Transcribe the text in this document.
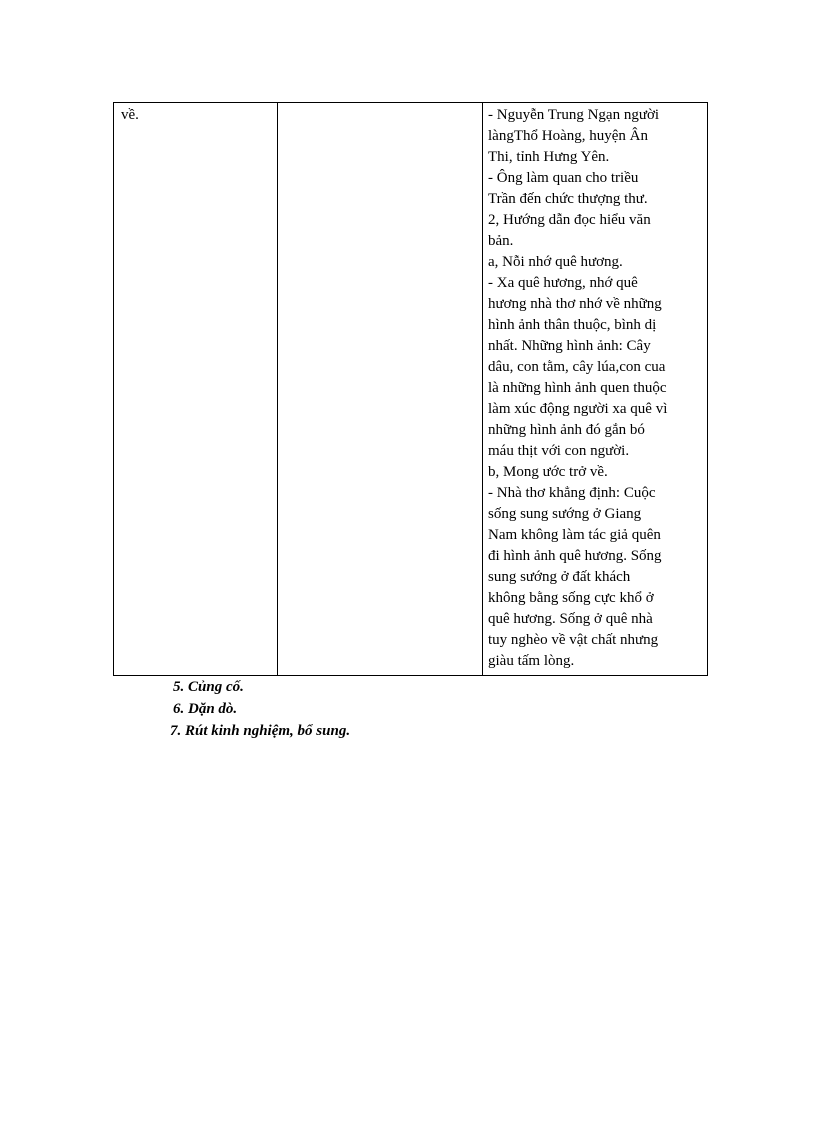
về.		- Nguyễn Trung Ngạn người
làngThổ Hoàng, huyện Ân
Thi, tỉnh Hưng Yên.
- Ông làm quan cho triều
Trần đến chức thượng thư.
2, Hướng dẫn đọc hiểu văn
bản.
a, Nỗi nhớ quê hương.
- Xa quê hương, nhớ quê
hương nhà thơ nhớ về những
hình ảnh thân thuộc, bình dị
nhất. Những hình ảnh: Cây
dâu, con tằm, cây lúa,con cua
là những hình ảnh quen thuộc
làm xúc động người xa quê vì
những hình ảnh đó gắn bó
máu thịt với con người.
b, Mong ước trở về.
- Nhà thơ khẳng định: Cuộc
sống sung sướng ở Giang
Nam không làm tác giả quên
đi hình ảnh quê hương. Sống
sung sướng ở đất khách
không bằng sống cực khổ ở
quê hương. Sống ở quê nhà
tuy nghèo về vật chất nhưng
giàu tấm lòng.
5. Củng cố.
6. Dặn dò.
7. Rút kinh nghiệm, bổ sung.
